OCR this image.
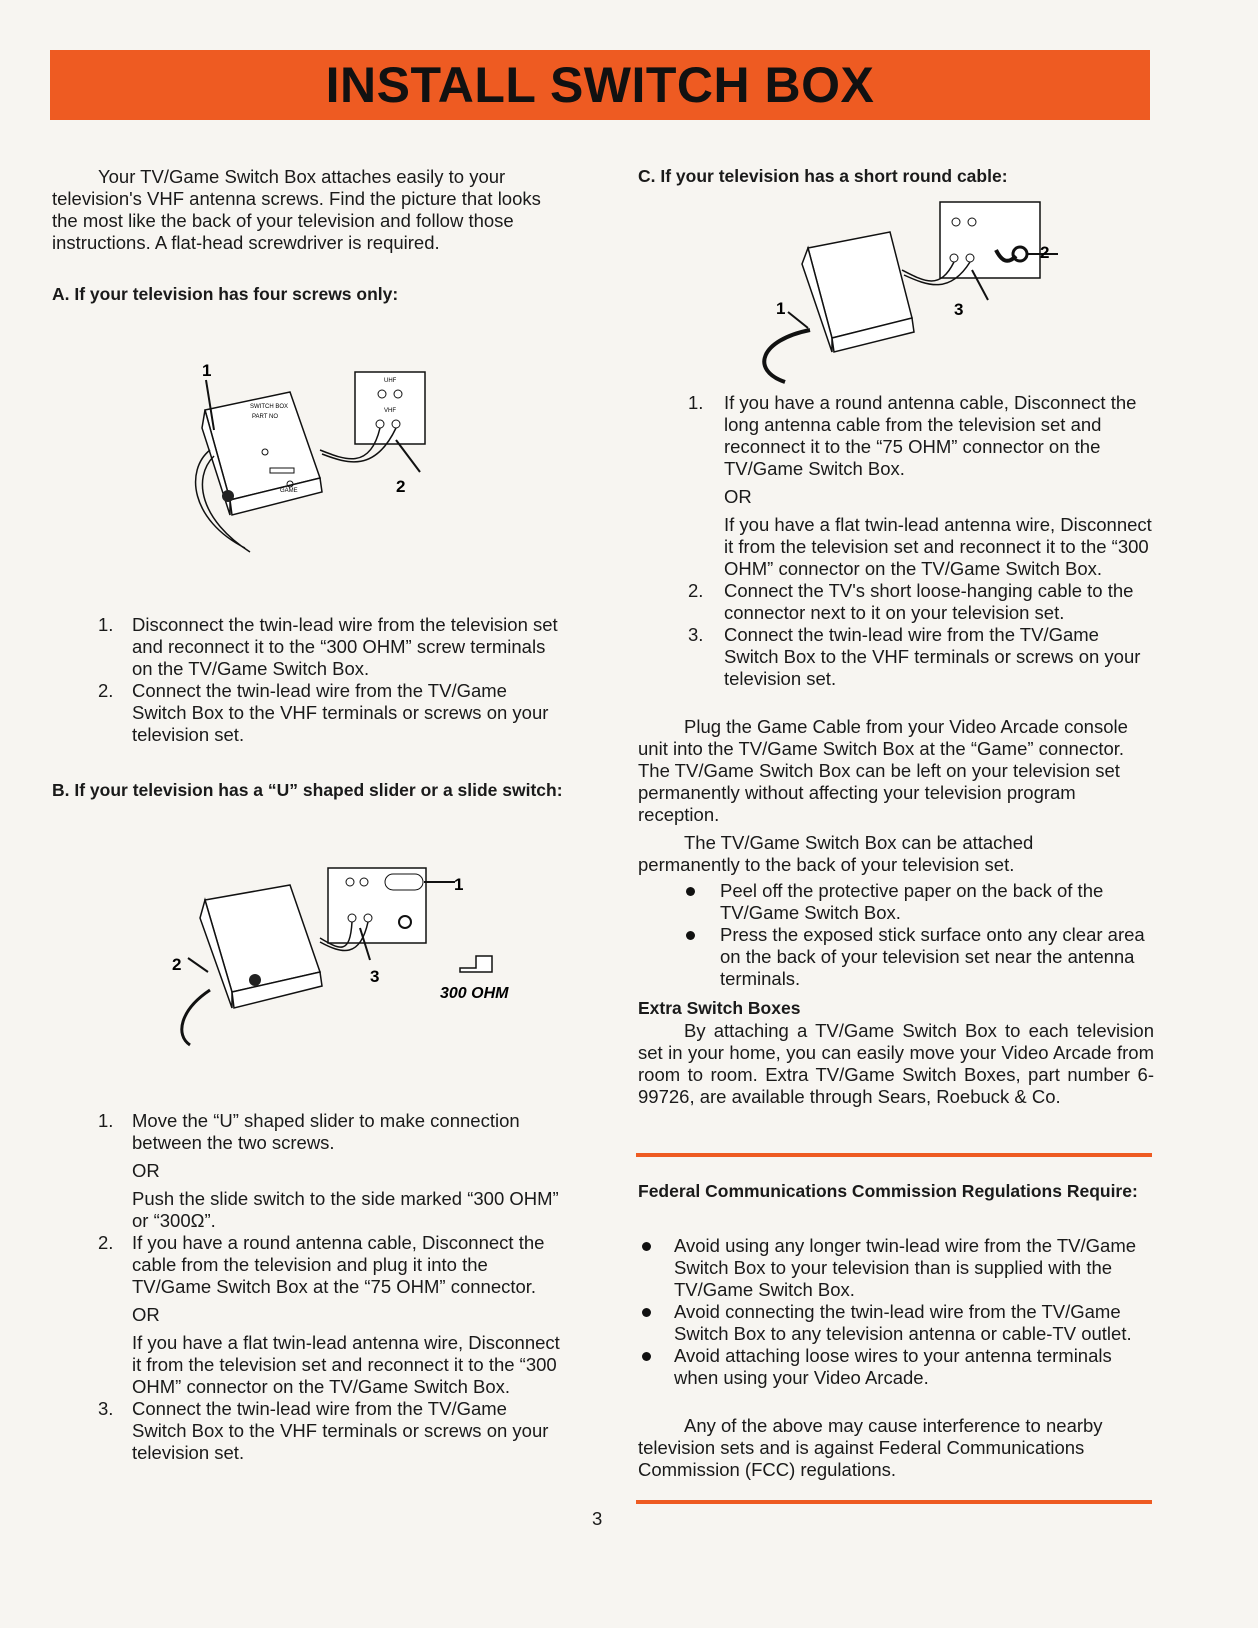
INSTALL SWITCH BOX

Your TV/Game Switch Box attaches easily to your television's VHF antenna screws. Find the picture that looks the most like the back of your television and follow those instructions. A flat-head screwdriver is required.

A. If your television has four screws only:
SWITCH BOX
PART NO
GAME
UHF
VHF
1
2
1. Disconnect the twin-lead wire from the television set and reconnect it to the “300 OHM” screw terminals on the TV/Game Switch Box.
2. Connect the twin-lead wire from the TV/Game Switch Box to the VHF terminals or screws on your television set.
B. If your television has a “U” shaped slider or a slide switch:
1
2
3
300 OHM
1. Move the “U” shaped slider to make connection between the two screws.

OR

Push the slide switch to the side marked “300 OHM” or “300Ω”.

2. If you have a round antenna cable, Disconnect the cable from the television and plug it into the TV/Game Switch Box at the “75 OHM” connector.

OR

If you have a flat twin-lead antenna wire, Disconnect it from the television set and reconnect it to the “300 OHM” connector on the TV/Game Switch Box.

3. Connect the twin-lead wire from the TV/Game Switch Box to the VHF terminals or screws on your television set.
C. If your television has a short round cable:
1
2
3
1. If you have a round antenna cable, Disconnect the long antenna cable from the television set and reconnect it to the “75 OHM” connector on the TV/Game Switch Box.

OR

If you have a flat twin-lead antenna wire, Disconnect it from the television set and reconnect it to the “300 OHM” connector on the TV/Game Switch Box.

2. Connect the TV's short loose-hanging cable to the connector next to it on your television set.
3. Connect the twin-lead wire from the TV/Game Switch Box to the VHF terminals or screws on your television set.

Plug the Game Cable from your Video Arcade console unit into the TV/Game Switch Box at the “Game” connector. The TV/Game Switch Box can be left on your television set permanently without affecting your television program reception.

The TV/Game Switch Box can be attached permanently to the back of your television set.

Peel off the protective paper on the back of the TV/Game Switch Box.
Press the exposed stick surface onto any clear area on the back of your television set near the antenna terminals.
Extra Switch Boxes

By attaching a TV/Game Switch Box to each television set in your home, you can easily move your Video Arcade from room to room. Extra TV/Game Switch Boxes, part number 6-99726, are available through Sears, Roebuck & Co.

Federal Communications Commission Regulations Require:
Avoid using any longer twin-lead wire from the TV/Game Switch Box to your television than is supplied with the TV/Game Switch Box.
Avoid connecting the twin-lead wire from the TV/Game Switch Box to any television antenna or cable-TV outlet.
Avoid attaching loose wires to your antenna terminals when using your Video Arcade.

Any of the above may cause interference to nearby television sets and is against Federal Communications Commission (FCC) regulations.

3
